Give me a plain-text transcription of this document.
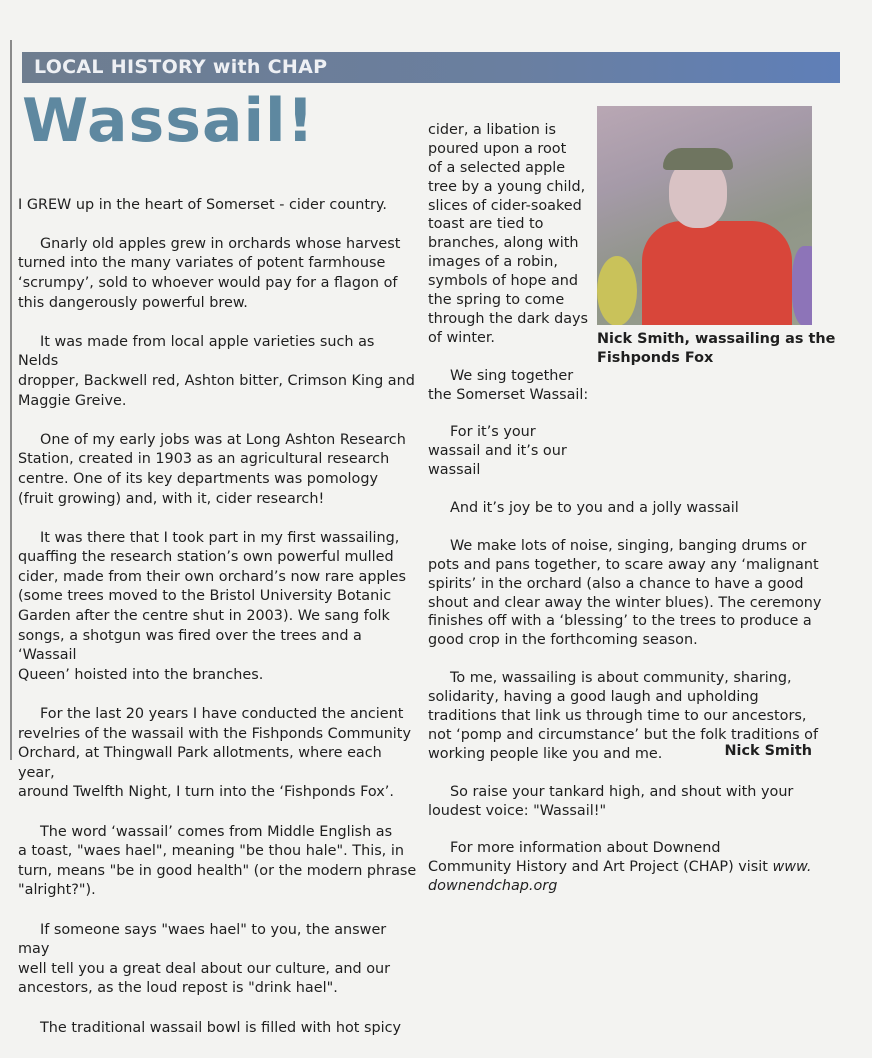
LOCAL HISTORY with CHAP
Wassail!

I GREW up in the heart of Somerset - cider country.

Gnarly old apples grew in orchards whose harvest
turned into the many variates of potent farmhouse
‘scrumpy’, sold to whoever would pay for a flagon of
this dangerously powerful brew.

It was made from local apple varieties such as Nelds
dropper, Backwell red, Ashton bitter, Crimson King and
Maggie Greive.

One of my early jobs was at Long Ashton Research
Station, created in 1903 as an agricultural research
centre. One of its key departments was pomology
(fruit growing) and, with it, cider research!

It was there that I took part in my first wassailing,
quaffing the research station’s own powerful mulled
cider, made from their own orchard’s now rare apples
(some trees moved to the Bristol University Botanic
Garden after the centre shut in 2003). We sang folk
songs, a shotgun was fired over the trees and a ‘Wassail
Queen’ hoisted into the branches.

For the last 20 years I have conducted the ancient
revelries of the wassail with the Fishponds Community
Orchard, at Thingwall Park allotments, where each year,
around Twelfth Night, I turn into the ‘Fishponds Fox’.

The word ‘wassail’ comes from Middle English as
a toast, "waes hael", meaning "be thou hale". This, in
turn, means "be in good health" (or the modern phrase
"alright?").

If someone says "waes hael" to you, the answer may
well tell you a great deal about our culture, and our
ancestors, as the loud repost is "drink hael".

The traditional wassail bowl is filled with hot spicy

cider, a libation is
poured upon a root
of a selected apple
tree by a young child,
slices of cider-soaked
toast are tied to
branches, along with
images of a robin,
symbols of hope and
the spring to come
through the dark days
of winter.

We sing together
the Somerset Wassail:

For it’s your
wassail and it’s our
wassail

And it’s joy be to you and a jolly wassail

We make lots of noise, singing, banging drums or
pots and pans together, to scare away any ‘malignant
spirits’ in the orchard (also a chance to have a good
shout and clear away the winter blues). The ceremony
finishes off with a ‘blessing’ to the trees to produce a
good crop in the forthcoming season.

To me, wassailing is about community, sharing,
solidarity, having a good laugh and upholding
traditions that link us through time to our ancestors,
not ‘pomp and circumstance’ but the folk traditions of
working people like you and me.

So raise your tankard high, and shout with your
loudest voice: "Wassail!"

For more information about Downend
Community History and Art Project (CHAP) visit www.
downendchap.org

Nick Smith, wassailing as the
Fishponds Fox
Nick Smith
